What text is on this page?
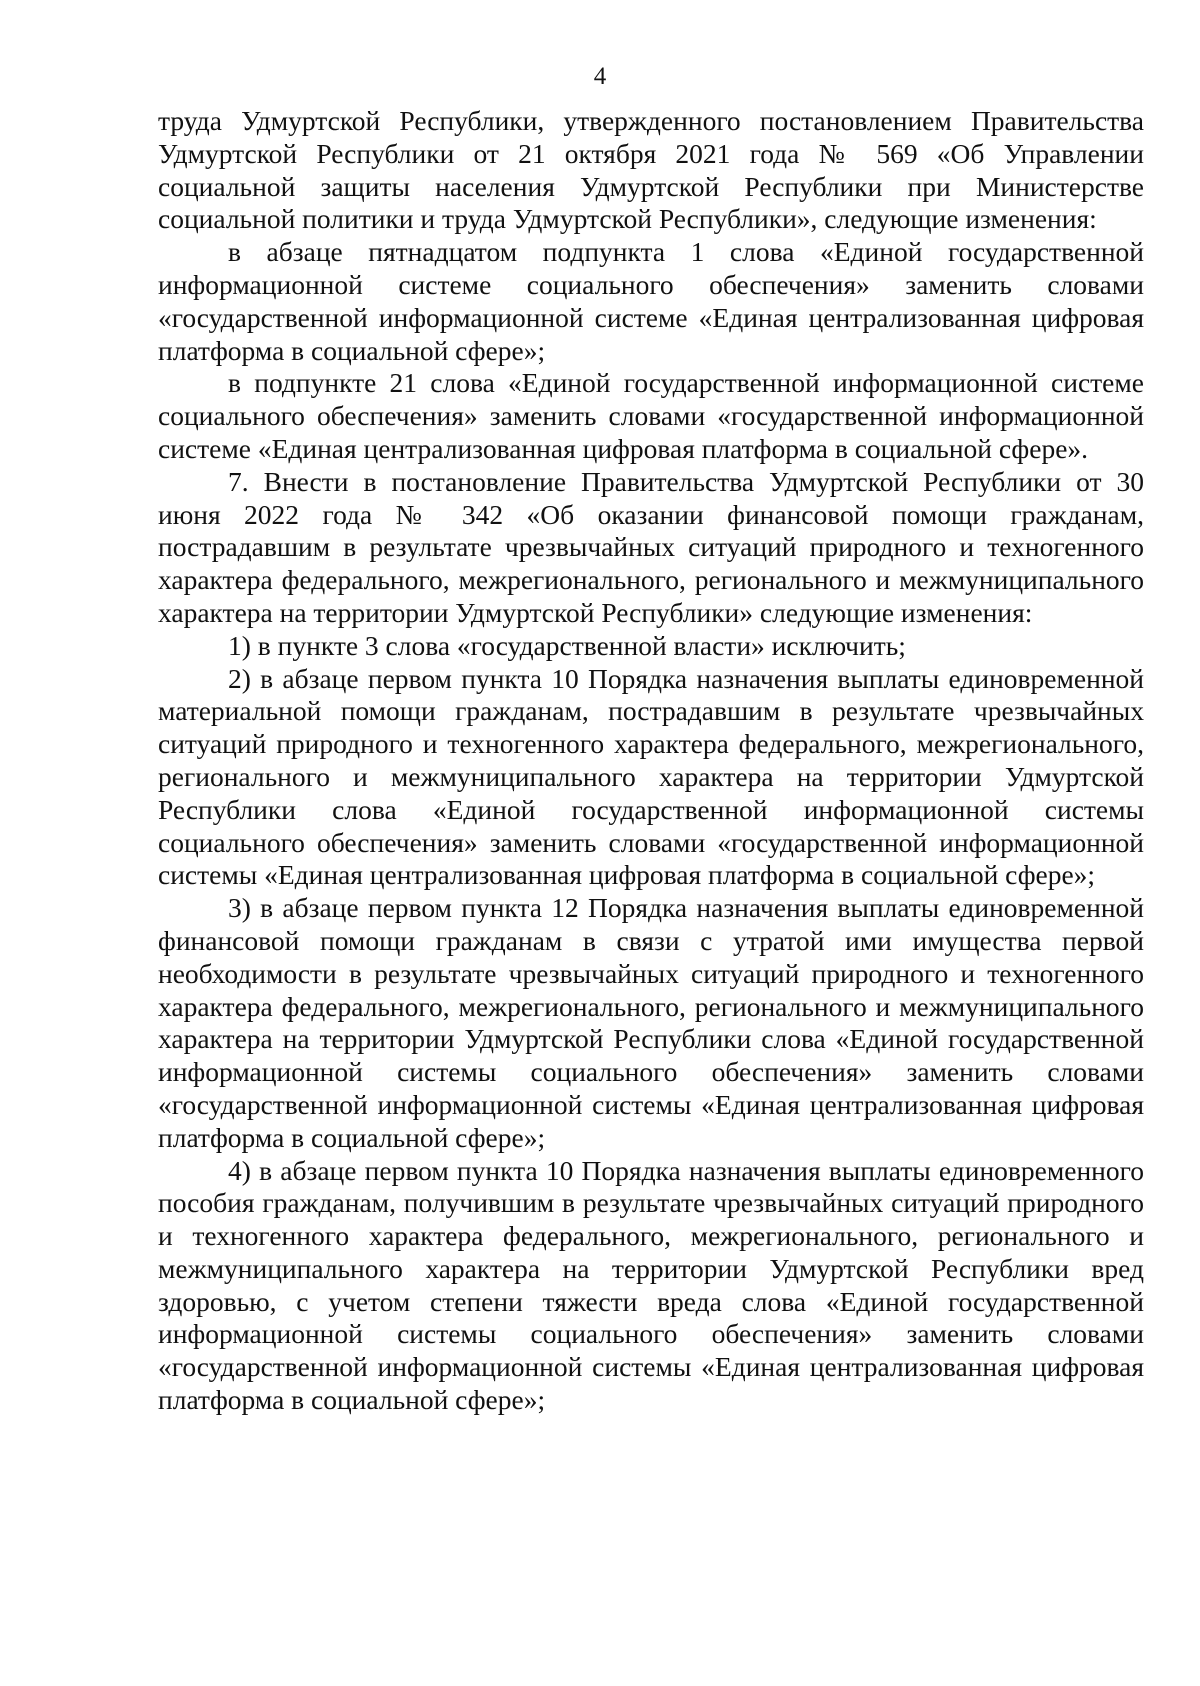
4

труда Удмуртской Республики, утвержденного постановлением Правительства Удмуртской Республики от 21 октября 2021 года № 569 «Об Управлении социальной защиты населения Удмуртской Республики при Министерстве социальной политики и труда Удмуртской Республики», следующие изменения:

в абзаце пятнадцатом подпункта 1 слова «Единой государственной информационной системе социального обеспечения» заменить словами «государственной информационной системе «Единая централизованная цифровая платформа в социальной сфере»;

в подпункте 21 слова «Единой государственной информационной системе социального обеспечения» заменить словами «государственной информационной системе «Единая централизованная цифровая платформа в социальной сфере».

7. Внести в постановление Правительства Удмуртской Республики от 30 июня 2022 года № 342 «Об оказании финансовой помощи гражданам, пострадавшим в результате чрезвычайных ситуаций природного и техногенного характера федерального, межрегионального, регионального и межмуниципального характера на территории Удмуртской Республики» следующие изменения:

1) в пункте 3 слова «государственной власти» исключить;

2) в абзаце первом пункта 10 Порядка назначения выплаты единовременной материальной помощи гражданам, пострадавшим в результате чрезвычайных ситуаций природного и техногенного характера федерального, межрегионального, регионального и межмуниципального характера на территории Удмуртской Республики слова «Единой государственной информационной системы социального обеспечения» заменить словами «государственной информационной системы «Единая централизованная цифровая платформа в социальной сфере»;

3) в абзаце первом пункта 12 Порядка назначения выплаты единовременной финансовой помощи гражданам в связи с утратой ими имущества первой необходимости в результате чрезвычайных ситуаций природного и техногенного характера федерального, межрегионального, регионального и межмуниципального характера на территории Удмуртской Республики слова «Единой государственной информационной системы социального обеспечения» заменить словами «государственной информационной системы «Единая централизованная цифровая платформа в социальной сфере»;

4) в абзаце первом пункта 10 Порядка назначения выплаты единовременного пособия гражданам, получившим в результате чрезвычайных ситуаций природного и техногенного характера федерального, межрегионального, регионального и межмуниципального характера на территории Удмуртской Республики вред здоровью, с учетом степени тяжести вреда слова «Единой государственной информационной системы социального обеспечения» заменить словами «государственной информационной системы «Единая централизованная цифровая платформа в социальной сфере»;
